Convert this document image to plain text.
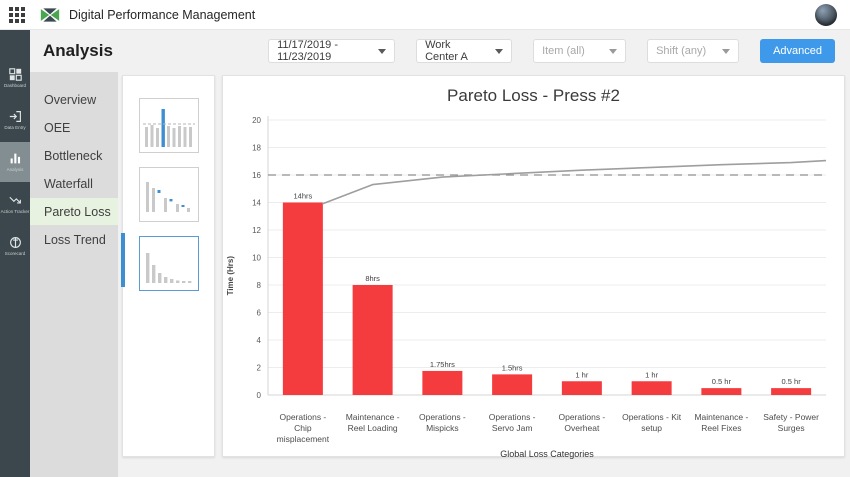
Digital Performance Management
Dashboard
Data Entry
Analysis
Action Tracker
Scorecard
Analysis	11/17/2019 - 11/23/2019
Work Center A	Item (all)	Shift (any)	Advanced
Overview
OEE
Bottleneck
Waterfall
Pareto Loss
Loss Trend
Pareto Loss - Press #2
Time (Hrs)
0
2
4
6
8
10
12
14
16
18
20
14hrs
8hrs
1.75hrs	1.5hrs
1 hr	1 hr
0.5 hr	0.5 hr
Operations - Chip misplacement
Maintenance - Reel Loading
Operations - Mispicks
Operations - Servo Jam
Operations - Overheat
Operations - Kit setup
Maintenance - Reel Fixes
Safety - Power Surges
Global Loss Categories
